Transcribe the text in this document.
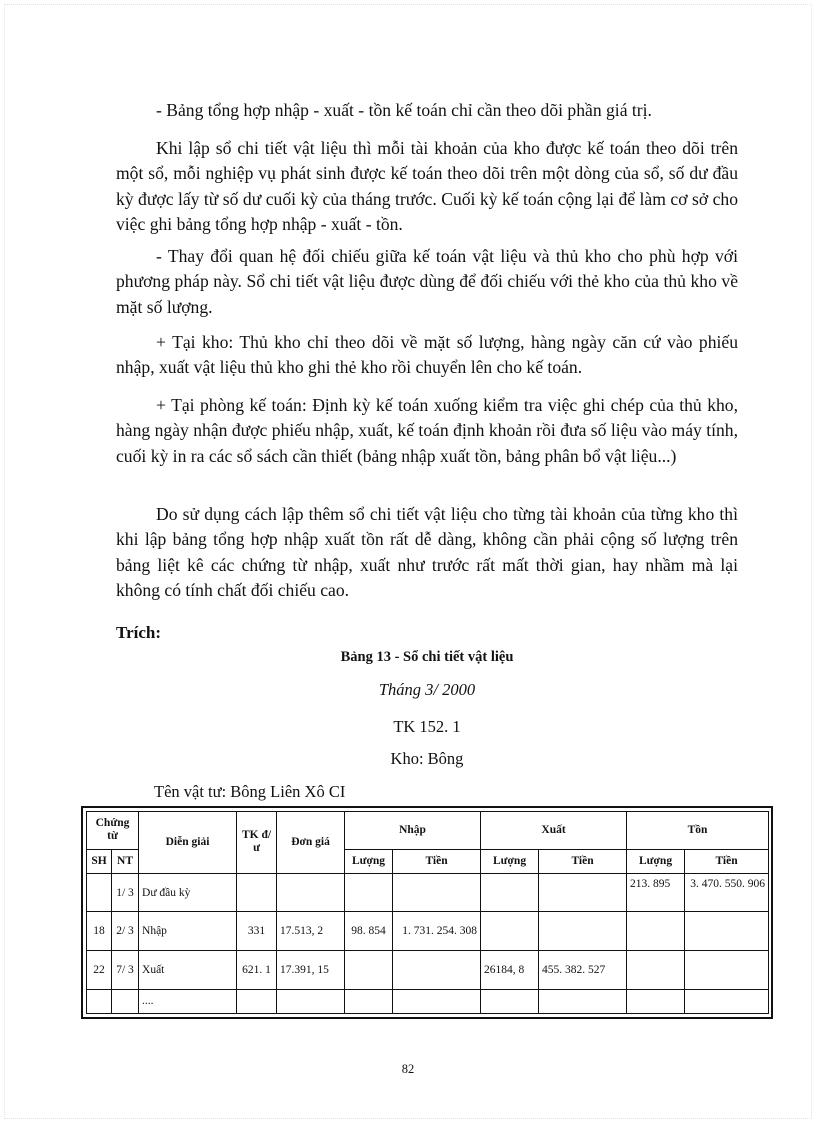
- Bảng tổng hợp nhập - xuất - tồn kế toán chỉ cần theo dõi phần giá trị.

Khi lập sổ chi tiết vật liệu thì mỗi tài khoản của kho được kế toán theo dõi trên một sổ, mỗi nghiệp vụ phát sinh được kế toán theo dõi trên một dòng của sổ, số dư đầu kỳ được lấy từ số dư cuối kỳ của tháng trước. Cuối kỳ kế toán cộng lại để làm cơ sở cho việc ghi bảng tổng hợp nhập - xuất - tồn.

- Thay đổi quan hệ đối chiếu giữa kế toán vật liệu và thủ kho cho phù hợp với phương pháp này. Sổ chi tiết vật liệu được dùng để đối chiếu với thẻ kho của thủ kho về mặt số lượng.

+ Tại kho: Thủ kho chỉ theo dõi về mặt số lượng, hàng ngày căn cứ vào phiếu nhập, xuất vật liệu thủ kho ghi thẻ kho rồi chuyển lên cho kế toán.

+ Tại phòng kế toán: Định kỳ kế toán xuống kiểm tra việc ghi chép của thủ kho, hàng ngày nhận được phiếu nhập, xuất, kế toán định khoản rồi đưa số liệu vào máy tính, cuối kỳ in ra các sổ sách cần thiết (bảng nhập xuất tồn, bảng phân bổ vật liệu...)

Do sử dụng cách lập thêm sổ chi tiết vật liệu cho từng tài khoản của từng kho thì khi lập bảng tổng hợp nhập xuất tồn rất dễ dàng, không cần phải cộng số lượng trên bảng liệt kê các chứng từ nhập, xuất như trước rất mất thời gian, hay nhầm mà lại không có tính chất đối chiếu cao.

Trích:

Bảng 13 - Sổ chi tiết vật liệu

Tháng 3/ 2000

TK 152. 1

Kho: Bông

Tên vật tư: Bông Liên Xô CI

Chứng từ		Diễn giải	TK đ/ ư	Đơn giá	Nhập		Xuất		Tồn	
SH	NT				Lượng	Tiền	Lượng	Tiền	Lượng	Tiền
	1/ 3	Dư đầu kỳ							213. 895	3. 470. 550. 906
18	2/ 3	Nhập	331	17.513, 2	98. 854	1. 731. 254. 308				
22	7/ 3	Xuất	621. 1	17.391, 15			26184, 8	455. 382. 527		
		....								

82
